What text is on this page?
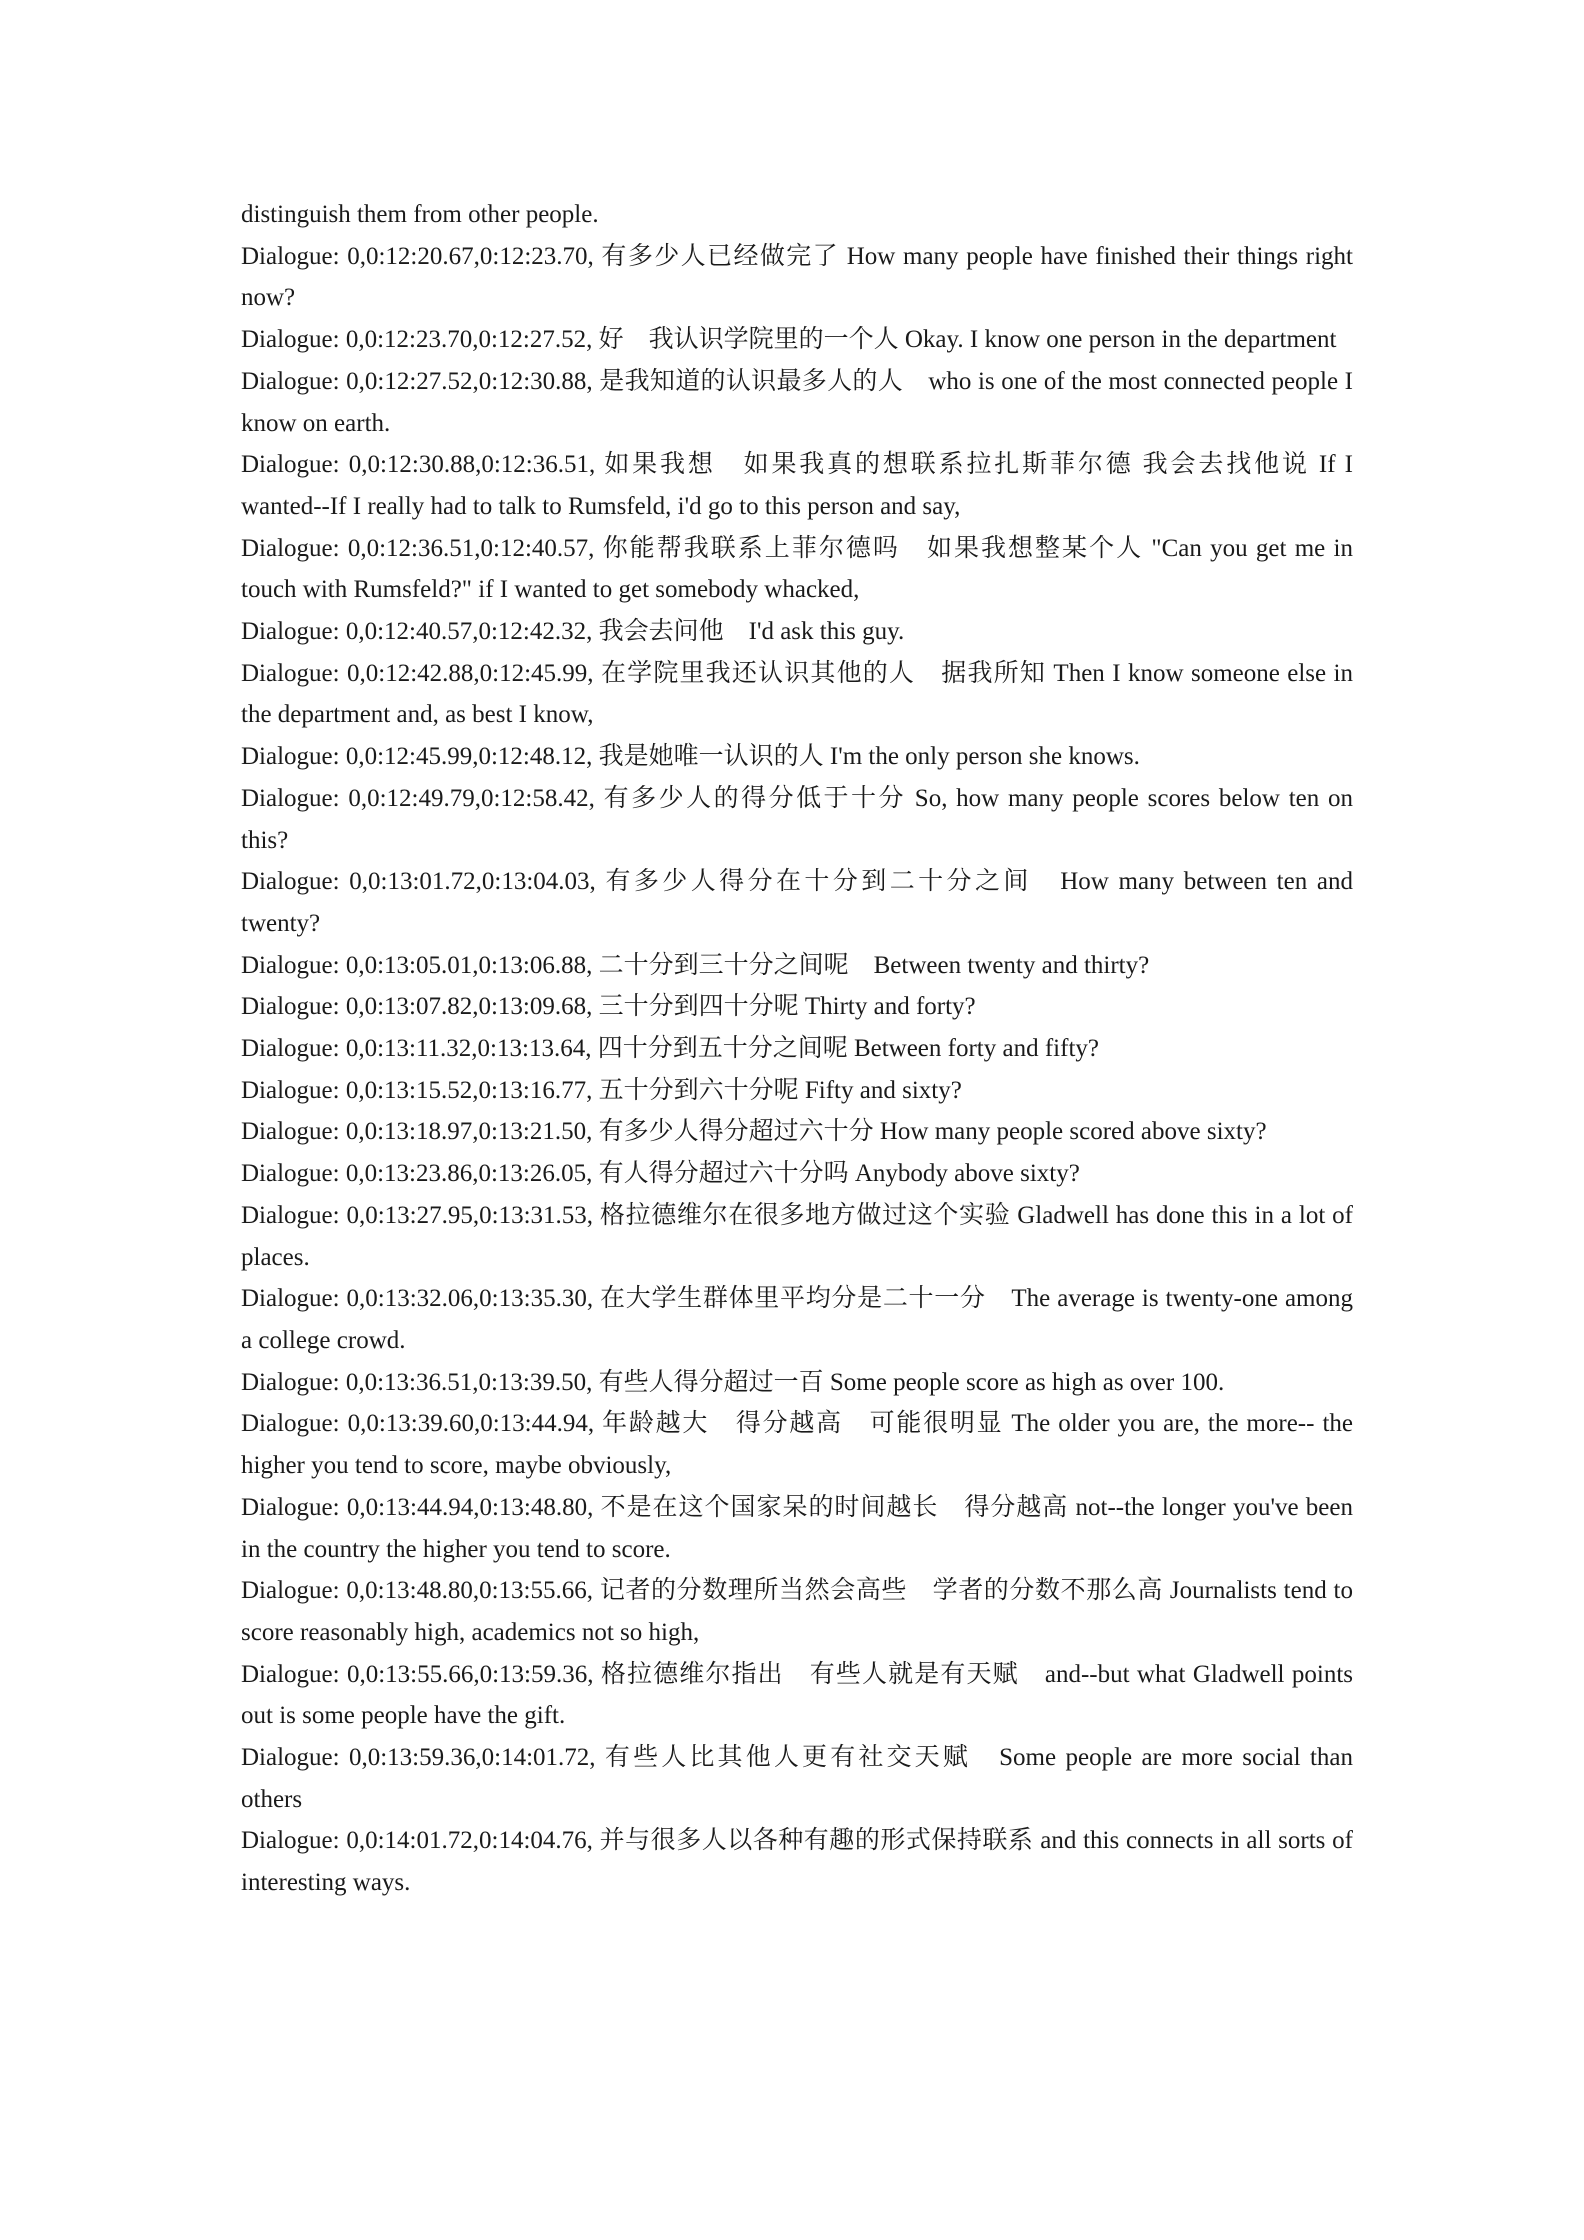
distinguish them from other people.

Dialogue: 0,0:12:20.67,0:12:23.70, 有多少人已经做完了 How many people have finished their things right now?

Dialogue: 0,0:12:23.70,0:12:27.52, 好　我认识学院里的一个人 Okay. I know one person in the department

Dialogue: 0,0:12:27.52,0:12:30.88, 是我知道的认识最多人的人　who is one of the most connected people I know on earth.

Dialogue: 0,0:12:30.88,0:12:36.51, 如果我想　如果我真的想联系拉扎斯菲尔德 我会去找他说 If I wanted--If I really had to talk to Rumsfeld, i'd go to this person and say,

Dialogue: 0,0:12:36.51,0:12:40.57, 你能帮我联系上菲尔德吗　如果我想整某个人 "Can you get me in touch with Rumsfeld?" if I wanted to get somebody whacked,

Dialogue: 0,0:12:40.57,0:12:42.32, 我会去问他　I'd ask this guy.

Dialogue: 0,0:12:42.88,0:12:45.99, 在学院里我还认识其他的人　据我所知 Then I know someone else in the department and, as best I know,

Dialogue: 0,0:12:45.99,0:12:48.12, 我是她唯一认识的人 I'm the only person she knows.

Dialogue: 0,0:12:49.79,0:12:58.42, 有多少人的得分低于十分 So, how many people scores below ten on this?

Dialogue: 0,0:13:01.72,0:13:04.03, 有多少人得分在十分到二十分之间　How many between ten and twenty?

Dialogue: 0,0:13:05.01,0:13:06.88, 二十分到三十分之间呢　Between twenty and thirty?

Dialogue: 0,0:13:07.82,0:13:09.68, 三十分到四十分呢 Thirty and forty?

Dialogue: 0,0:13:11.32,0:13:13.64, 四十分到五十分之间呢 Between forty and fifty?

Dialogue: 0,0:13:15.52,0:13:16.77, 五十分到六十分呢 Fifty and sixty?

Dialogue: 0,0:13:18.97,0:13:21.50, 有多少人得分超过六十分 How many people scored above sixty?

Dialogue: 0,0:13:23.86,0:13:26.05, 有人得分超过六十分吗 Anybody above sixty?

Dialogue: 0,0:13:27.95,0:13:31.53, 格拉德维尔在很多地方做过这个实验 Gladwell has done this in a lot of places.

Dialogue: 0,0:13:32.06,0:13:35.30, 在大学生群体里平均分是二十一分　The average is twenty-one among a college crowd.

Dialogue: 0,0:13:36.51,0:13:39.50, 有些人得分超过一百 Some people score as high as over 100.

Dialogue: 0,0:13:39.60,0:13:44.94, 年龄越大　得分越高　可能很明显 The older you are, the more-- the higher you tend to score, maybe obviously,

Dialogue: 0,0:13:44.94,0:13:48.80, 不是在这个国家呆的时间越长　得分越高 not--the longer you've been in the country the higher you tend to score.

Dialogue: 0,0:13:48.80,0:13:55.66, 记者的分数理所当然会高些　学者的分数不那么高 Journalists tend to score reasonably high, academics not so high,

Dialogue: 0,0:13:55.66,0:13:59.36, 格拉德维尔指出　有些人就是有天赋　and--but what Gladwell points out is some people have the gift.

Dialogue: 0,0:13:59.36,0:14:01.72, 有些人比其他人更有社交天赋　Some people are more social than others

Dialogue: 0,0:14:01.72,0:14:04.76, 并与很多人以各种有趣的形式保持联系 and this connects in all sorts of interesting ways.
